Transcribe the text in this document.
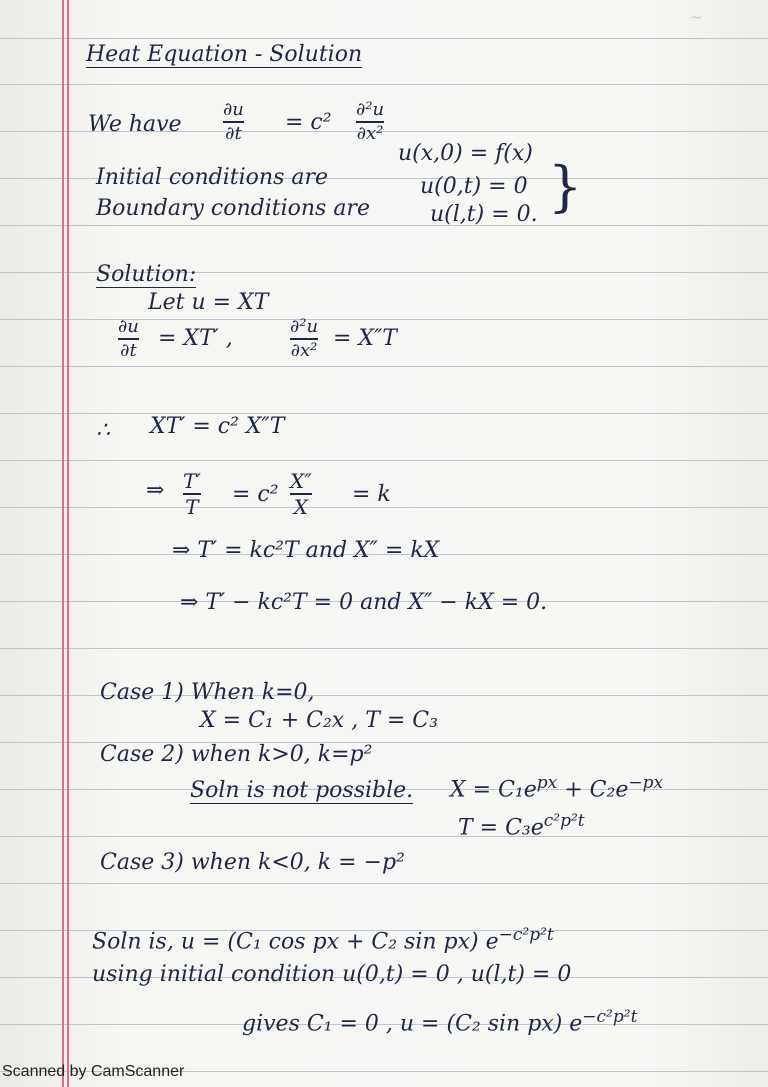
~
Heat Equation - Solution
We have
∂u
∂t = c²
∂²u
∂x²
Initial conditions are
u(x,0) = f(x)
Boundary conditions are
u(0,t) = 0
u(l,t) = 0. }
Solution:
Let u = XT
∂u
∂t = XT′ ,	∂²u
∂x² = X″T
∴ XT′ = c² X″T
⇒ T′
T = c²
X″
X = k
⇒ T′ = kc²T and X″ = kX
⇒ T′ − kc²T = 0 and X″ − kX = 0.
Case 1) When k=0,
X = C₁ + C₂x , T = C₃
Case 2) when k>0, k=p²
Soln is not possible. $X = C_1e^{px} + C_2e^{-px}$
$T = C_3e^{c^2p^2t}$
Case 3) when k<0, k = −p²
Soln is, u = (C₁ cos px + C₂ sin px) $e^{-c^2p^2t}$
using initial condition u(0,t) = 0 , u(l,t) = 0
gives C₁ = 0 , u = (C₂ sin px) $e^{-c^2p^2t}$
Scanned by CamScanner
